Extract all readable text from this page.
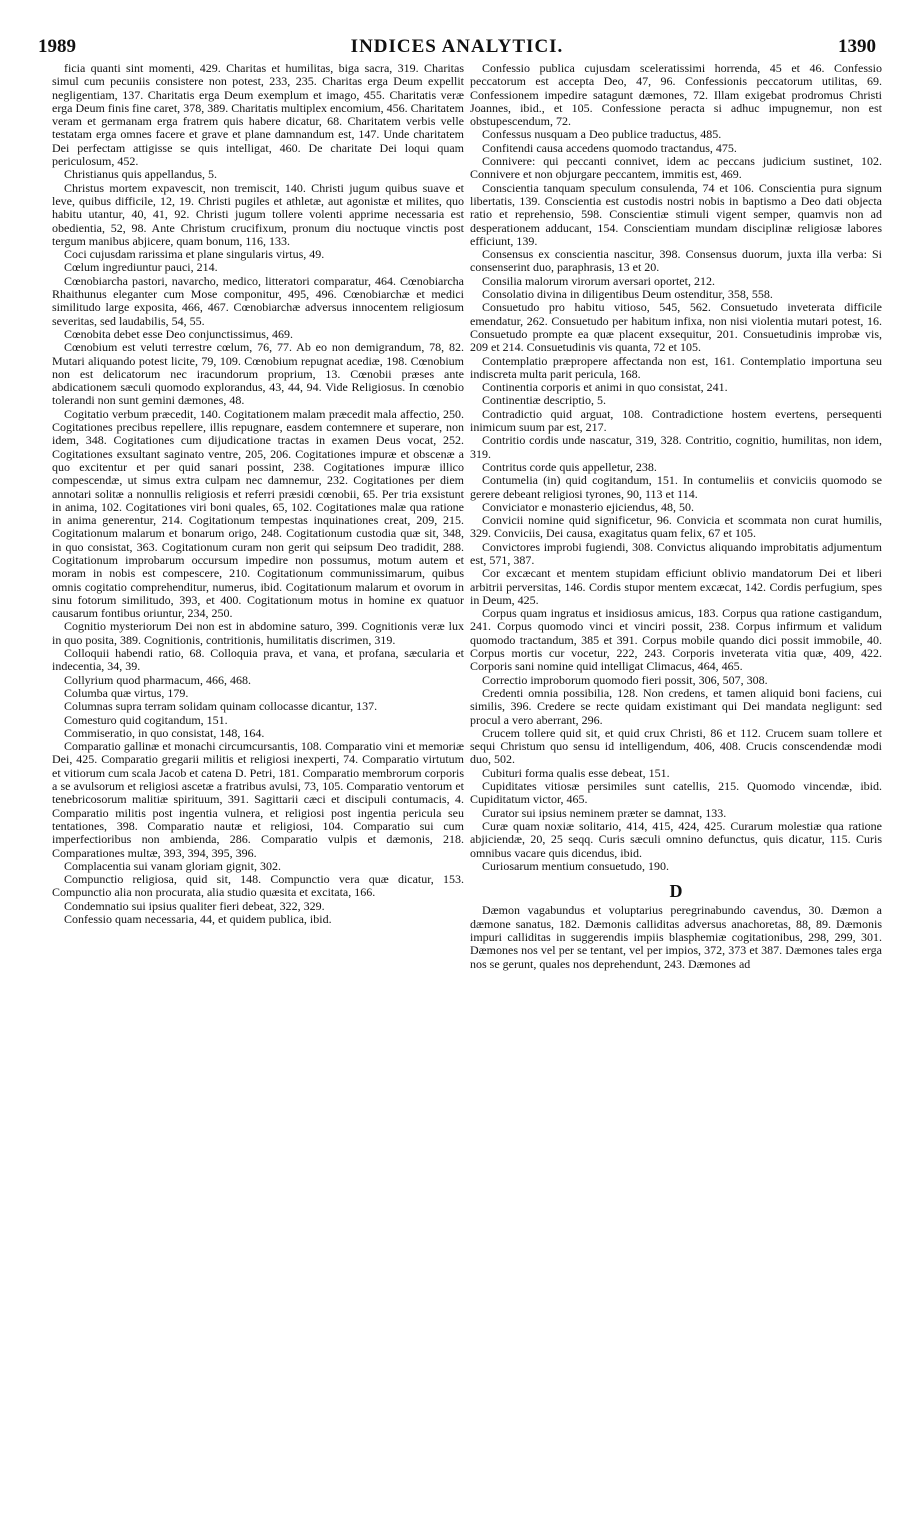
1989	INDICES ANALYTICI.	1390

ficia quanti sint momenti, 429. Charitas et humilitas, biga sacra, 319. Charitas simul cum pecuniis consistere non potest, 233, 235. Charitas erga Deum expellit negligentiam, 137. Charitatis erga Deum exemplum et imago, 455. Charitatis veræ erga Deum finis fine caret, 378, 389. Charitatis multiplex encomium, 456. Charitatem veram et germanam erga fratrem quis habere dicatur, 68. Charitatem verbis velle testatam erga omnes facere et grave et plane damnandum est, 147. Unde charitatem Dei perfectam attigisse se quis intelligat, 460. De charitate Dei loqui quam periculosum, 452.

Christianus quis appellandus, 5.

Christus mortem expavescit, non tremiscit, 140. Christi jugum quibus suave et leve, quibus difficile, 12, 19. Christi pugiles et athletæ, aut agonistæ et milites, quo habitu utantur, 40, 41, 92. Christi jugum tollere volenti apprime necessaria est obedientia, 52, 98. Ante Christum crucifixum, pronum diu noctuque vinctis post tergum manibus abjicere, quam bonum, 116, 133.

Coci cujusdam rarissima et plane singularis virtus, 49.

Cœlum ingrediuntur pauci, 214.

Cœnobiarcha pastori, navarcho, medico, litteratori comparatur, 464. Cœnobiarcha Rhaithunus eleganter cum Mose componitur, 495, 496. Cœnobiarchæ et medici similitudo large exposita, 466, 467. Cœnobiarchæ adversus innocentem religiosum severitas, sed laudabilis, 54, 55.

Cœnobita debet esse Deo conjunctissimus, 469.

Cœnobium est veluti terrestre cœlum, 76, 77. Ab eo non demigrandum, 78, 82. Mutari aliquando potest licite, 79, 109. Cœnobium repugnat acediæ, 198. Cœnobium non est delicatorum nec iracundorum proprium, 13. Cœnobii præses ante abdicationem sæculi quomodo explorandus, 43, 44, 94. Vide Religiosus. In cœnobio tolerandi non sunt gemini dæmones, 48.

Cogitatio verbum præcedit, 140. Cogitationem malam præcedit mala affectio, 250. Cogitationes precibus repellere, illis repugnare, easdem contemnere et superare, non idem, 348. Cogitationes cum dijudicatione tractas in examen Deus vocat, 252. Cogitationes exsultant saginato ventre, 205, 206. Cogitationes impuræ et obscenæ a quo excitentur et per quid sanari possint, 238. Cogitationes impuræ illico compescendæ, ut simus extra culpam nec damnemur, 232. Cogitationes per diem annotari solitæ a nonnullis religiosis et referri præsidi cœnobii, 65. Per tria exsistunt in anima, 102. Cogitationes viri boni quales, 65, 102. Cogitationes malæ qua ratione in anima generentur, 214. Cogitationum tempestas inquinationes creat, 209, 215. Cogitationum malarum et bonarum origo, 248. Cogitationum custodia quæ sit, 348, in quo consistat, 363. Cogitationum curam non gerit qui seipsum Deo tradidit, 288. Cogitationum improbarum occursum impedire non possumus, motum autem et moram in nobis est compescere, 210. Cogitationum communissimarum, quibus omnis cogitatio comprehenditur, numerus, ibid. Cogitationum malarum et ovorum in sinu fotorum similitudo, 393, et 400. Cogitationum motus in homine ex quatuor causarum fontibus oriuntur, 234, 250.

Cognitio mysteriorum Dei non est in abdomine saturo, 399. Cognitionis veræ lux in quo posita, 389. Cognitionis, contritionis, humilitatis discrimen, 319.

Colloquii habendi ratio, 68. Colloquia prava, et vana, et profana, sæcularia et indecentia, 34, 39.

Collyrium quod pharmacum, 466, 468.

Columba quæ virtus, 179.

Columnas supra terram solidam quinam collocasse dicantur, 137.

Comesturo quid cogitandum, 151.

Commiseratio, in quo consistat, 148, 164.

Comparatio gallinæ et monachi circumcursantis, 108. Comparatio vini et memoriæ Dei, 425. Comparatio gregarii militis et religiosi inexperti, 74. Comparatio virtutum et vitiorum cum scala Jacob et catena D. Petri, 181. Comparatio membrorum corporis a se avulsorum et religiosi ascetæ a fratribus avulsi, 73, 105. Comparatio ventorum et tenebricosorum malitiæ spirituum, 391. Sagittarii cæci et discipuli contumacis, 4. Comparatio militis post ingentia vulnera, et religiosi post ingentia pericula seu tentationes, 398. Comparatio nautæ et religiosi, 104. Comparatio sui cum imperfectioribus non ambienda, 286. Comparatio vulpis et dæmonis, 218. Comparationes multæ, 393, 394, 395, 396.

Complacentia sui vanam gloriam gignit, 302.

Compunctio religiosa, quid sit, 148. Compunctio vera quæ dicatur, 153. Compunctio alia non procurata, alia studio quæsita et excitata, 166.

Condemnatio sui ipsius qualiter fieri debeat, 322, 329.

Confessio quam necessaria, 44, et quidem publica, ibid.

Confessio publica cujusdam sceleratissimi horrenda, 45 et 46. Confessio peccatorum est accepta Deo, 47, 96. Confessionis peccatorum utilitas, 69. Confessionem impedire satagunt dæmones, 72. Illam exigebat prodromus Christi Joannes, ibid., et 105. Confessione peracta si adhuc impugnemur, non est obstupescendum, 72.

Confessus nusquam a Deo publice traductus, 485.

Confitendi causa accedens quomodo tractandus, 475.

Connivere: qui peccanti connivet, idem ac peccans judicium sustinet, 102. Connivere et non objurgare peccantem, immitis est, 469.

Conscientia tanquam speculum consulenda, 74 et 106. Conscientia pura signum libertatis, 139. Conscientia est custodis nostri nobis in baptismo a Deo dati objecta ratio et reprehensio, 598. Conscientiæ stimuli vigent semper, quamvis non ad desperationem adducant, 154. Conscientiam mundam disciplinæ religiosæ labores efficiunt, 139.

Consensus ex conscientia nascitur, 398. Consensus duorum, juxta illa verba: Si consenserint duo, paraphrasis, 13 et 20.

Consilia malorum virorum aversari oportet, 212.

Consolatio divina in diligentibus Deum ostenditur, 358, 558.

Consuetudo pro habitu vitioso, 545, 562. Consuetudo inveterata difficile emendatur, 262. Consuetudo per habitum infixa, non nisi violentia mutari potest, 16. Consuetudo prompte ea quæ placent exsequitur, 201. Consuetudinis improbæ vis, 209 et 214. Consuetudinis vis quanta, 72 et 105.

Contemplatio præpropere affectanda non est, 161. Contemplatio importuna seu indiscreta multa parit pericula, 168.

Continentia corporis et animi in quo consistat, 241.

Continentiæ descriptio, 5.

Contradictio quid arguat, 108. Contradictione hostem evertens, persequenti inimicum suum par est, 217.

Contritio cordis unde nascatur, 319, 328. Contritio, cognitio, humilitas, non idem, 319.

Contritus corde quis appelletur, 238.

Contumelia (in) quid cogitandum, 151. In contumeliis et conviciis quomodo se gerere debeant religiosi tyrones, 90, 113 et 114.

Conviciator e monasterio ejiciendus, 48, 50.

Convicii nomine quid significetur, 96. Convicia et scommata non curat humilis, 329. Conviciis, Dei causa, exagitatus quam felix, 67 et 105.

Convictores improbi fugiendi, 308. Convictus aliquando improbitatis adjumentum est, 571, 387.

Cor excæcant et mentem stupidam efficiunt oblivio mandatorum Dei et liberi arbitrii perversitas, 146. Cordis stupor mentem excæcat, 142. Cordis perfugium, spes in Deum, 425.

Corpus quam ingratus et insidiosus amicus, 183. Corpus qua ratione castigandum, 241. Corpus quomodo vinci et vinciri possit, 238. Corpus infirmum et validum quomodo tractandum, 385 et 391. Corpus mobile quando dici possit immobile, 40. Corpus mortis cur vocetur, 222, 243. Corporis inveterata vitia quæ, 409, 422. Corporis sani nomine quid intelligat Climacus, 464, 465.

Correctio improborum quomodo fieri possit, 306, 507, 308.

Credenti omnia possibilia, 128. Non credens, et tamen aliquid boni faciens, cui similis, 396. Credere se recte quidam existimant qui Dei mandata negligunt: sed procul a vero aberrant, 296.

Crucem tollere quid sit, et quid crux Christi, 86 et 112. Crucem suam tollere et sequi Christum quo sensu id intelligendum, 406, 408. Crucis conscendendæ modi duo, 502.

Cubituri forma qualis esse debeat, 151.

Cupiditates vitiosæ persimiles sunt catellis, 215. Quomodo vincendæ, ibid. Cupiditatum victor, 465.

Curator sui ipsius neminem præter se damnat, 133.

Curæ quam noxiæ solitario, 414, 415, 424, 425. Curarum molestiæ qua ratione abjiciendæ, 20, 25 seqq. Curis sæculi omnino defunctus, quis dicatur, 115. Curis omnibus vacare quis dicendus, ibid.

Curiosarum mentium consuetudo, 190.

D

Dæmon vagabundus et voluptarius peregrinabundo cavendus, 30. Dæmon a dæmone sanatus, 182. Dæmonis calliditas adversus anachoretas, 88, 89. Dæmonis impuri calliditas in suggerendis impiis blasphemiæ cogitationibus, 298, 299, 301. Dæmones nos vel per se tentant, vel per impios, 372, 373 et 387. Dæmones tales erga nos se gerunt, quales nos deprehendunt, 243. Dæmones ad
